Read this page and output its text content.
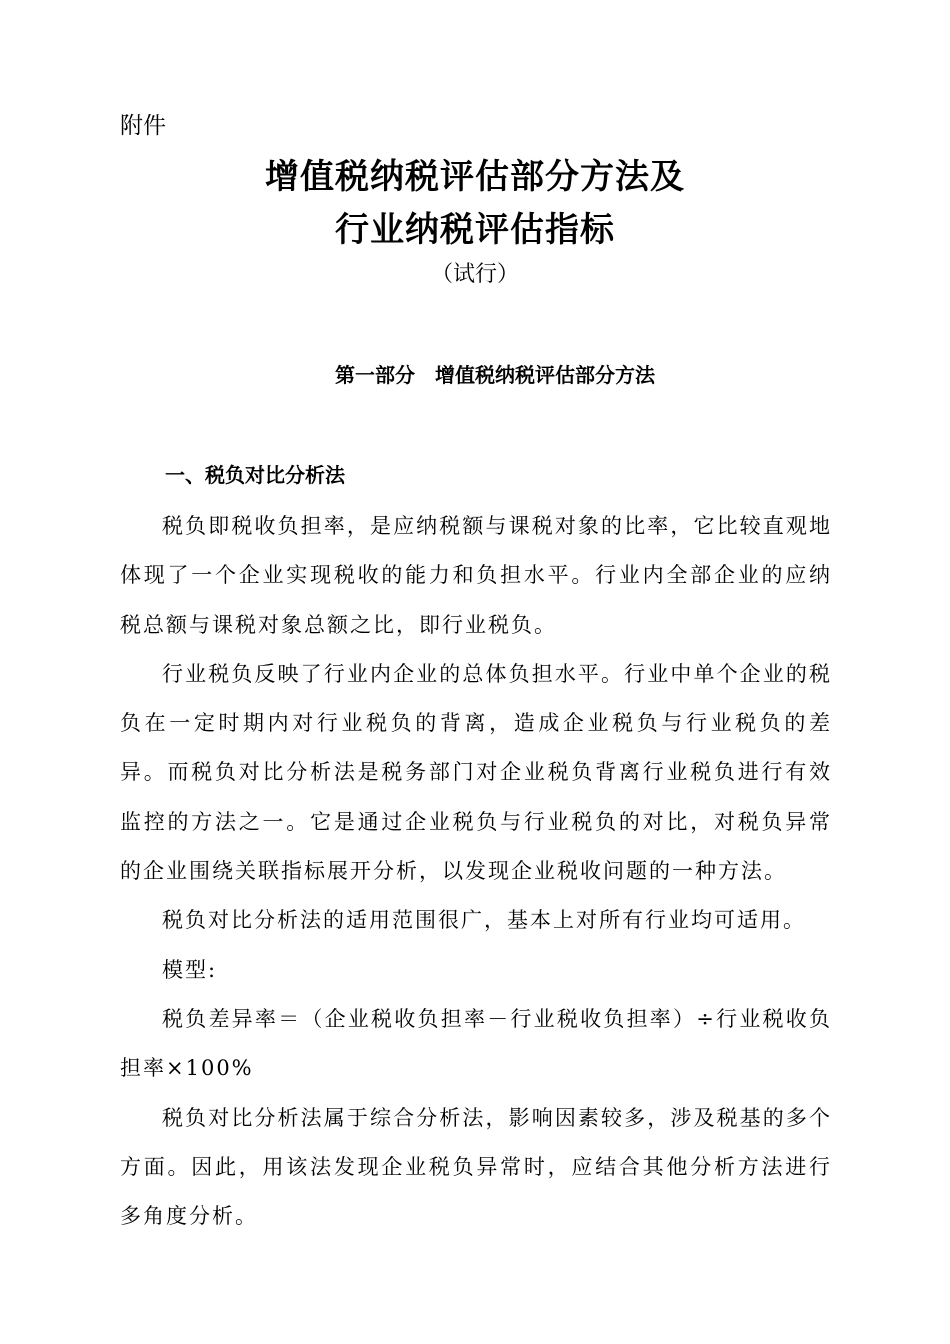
附件
增值税纳税评估部分方法及
行业纳税评估指标
（试行）
第一部分　增值税纳税评估部分方法
一、税负对比分析法

税负即税收负担率，是应纳税额与课税对象的比率，它比较直观地体现了一个企业实现税收的能力和负担水平。行业内全部企业的应纳税总额与课税对象总额之比，即行业税负。

行业税负反映了行业内企业的总体负担水平。行业中单个企业的税负在一定时期内对行业税负的背离，造成企业税负与行业税负的差异。而税负对比分析法是税务部门对企业税负背离行业税负进行有效监控的方法之一。它是通过企业税负与行业税负的对比，对税负异常的企业围绕关联指标展开分析，以发现企业税收问题的一种方法。

税负对比分析法的适用范围很广，基本上对所有行业均可适用。

模型:

税负差异率＝（企业税收负担率－行业税收负担率）÷行业税收负担率×100%

税负对比分析法属于综合分析法，影响因素较多，涉及税基的多个方面。因此，用该法发现企业税负异常时，应结合其他分析方法进行多角度分析。
